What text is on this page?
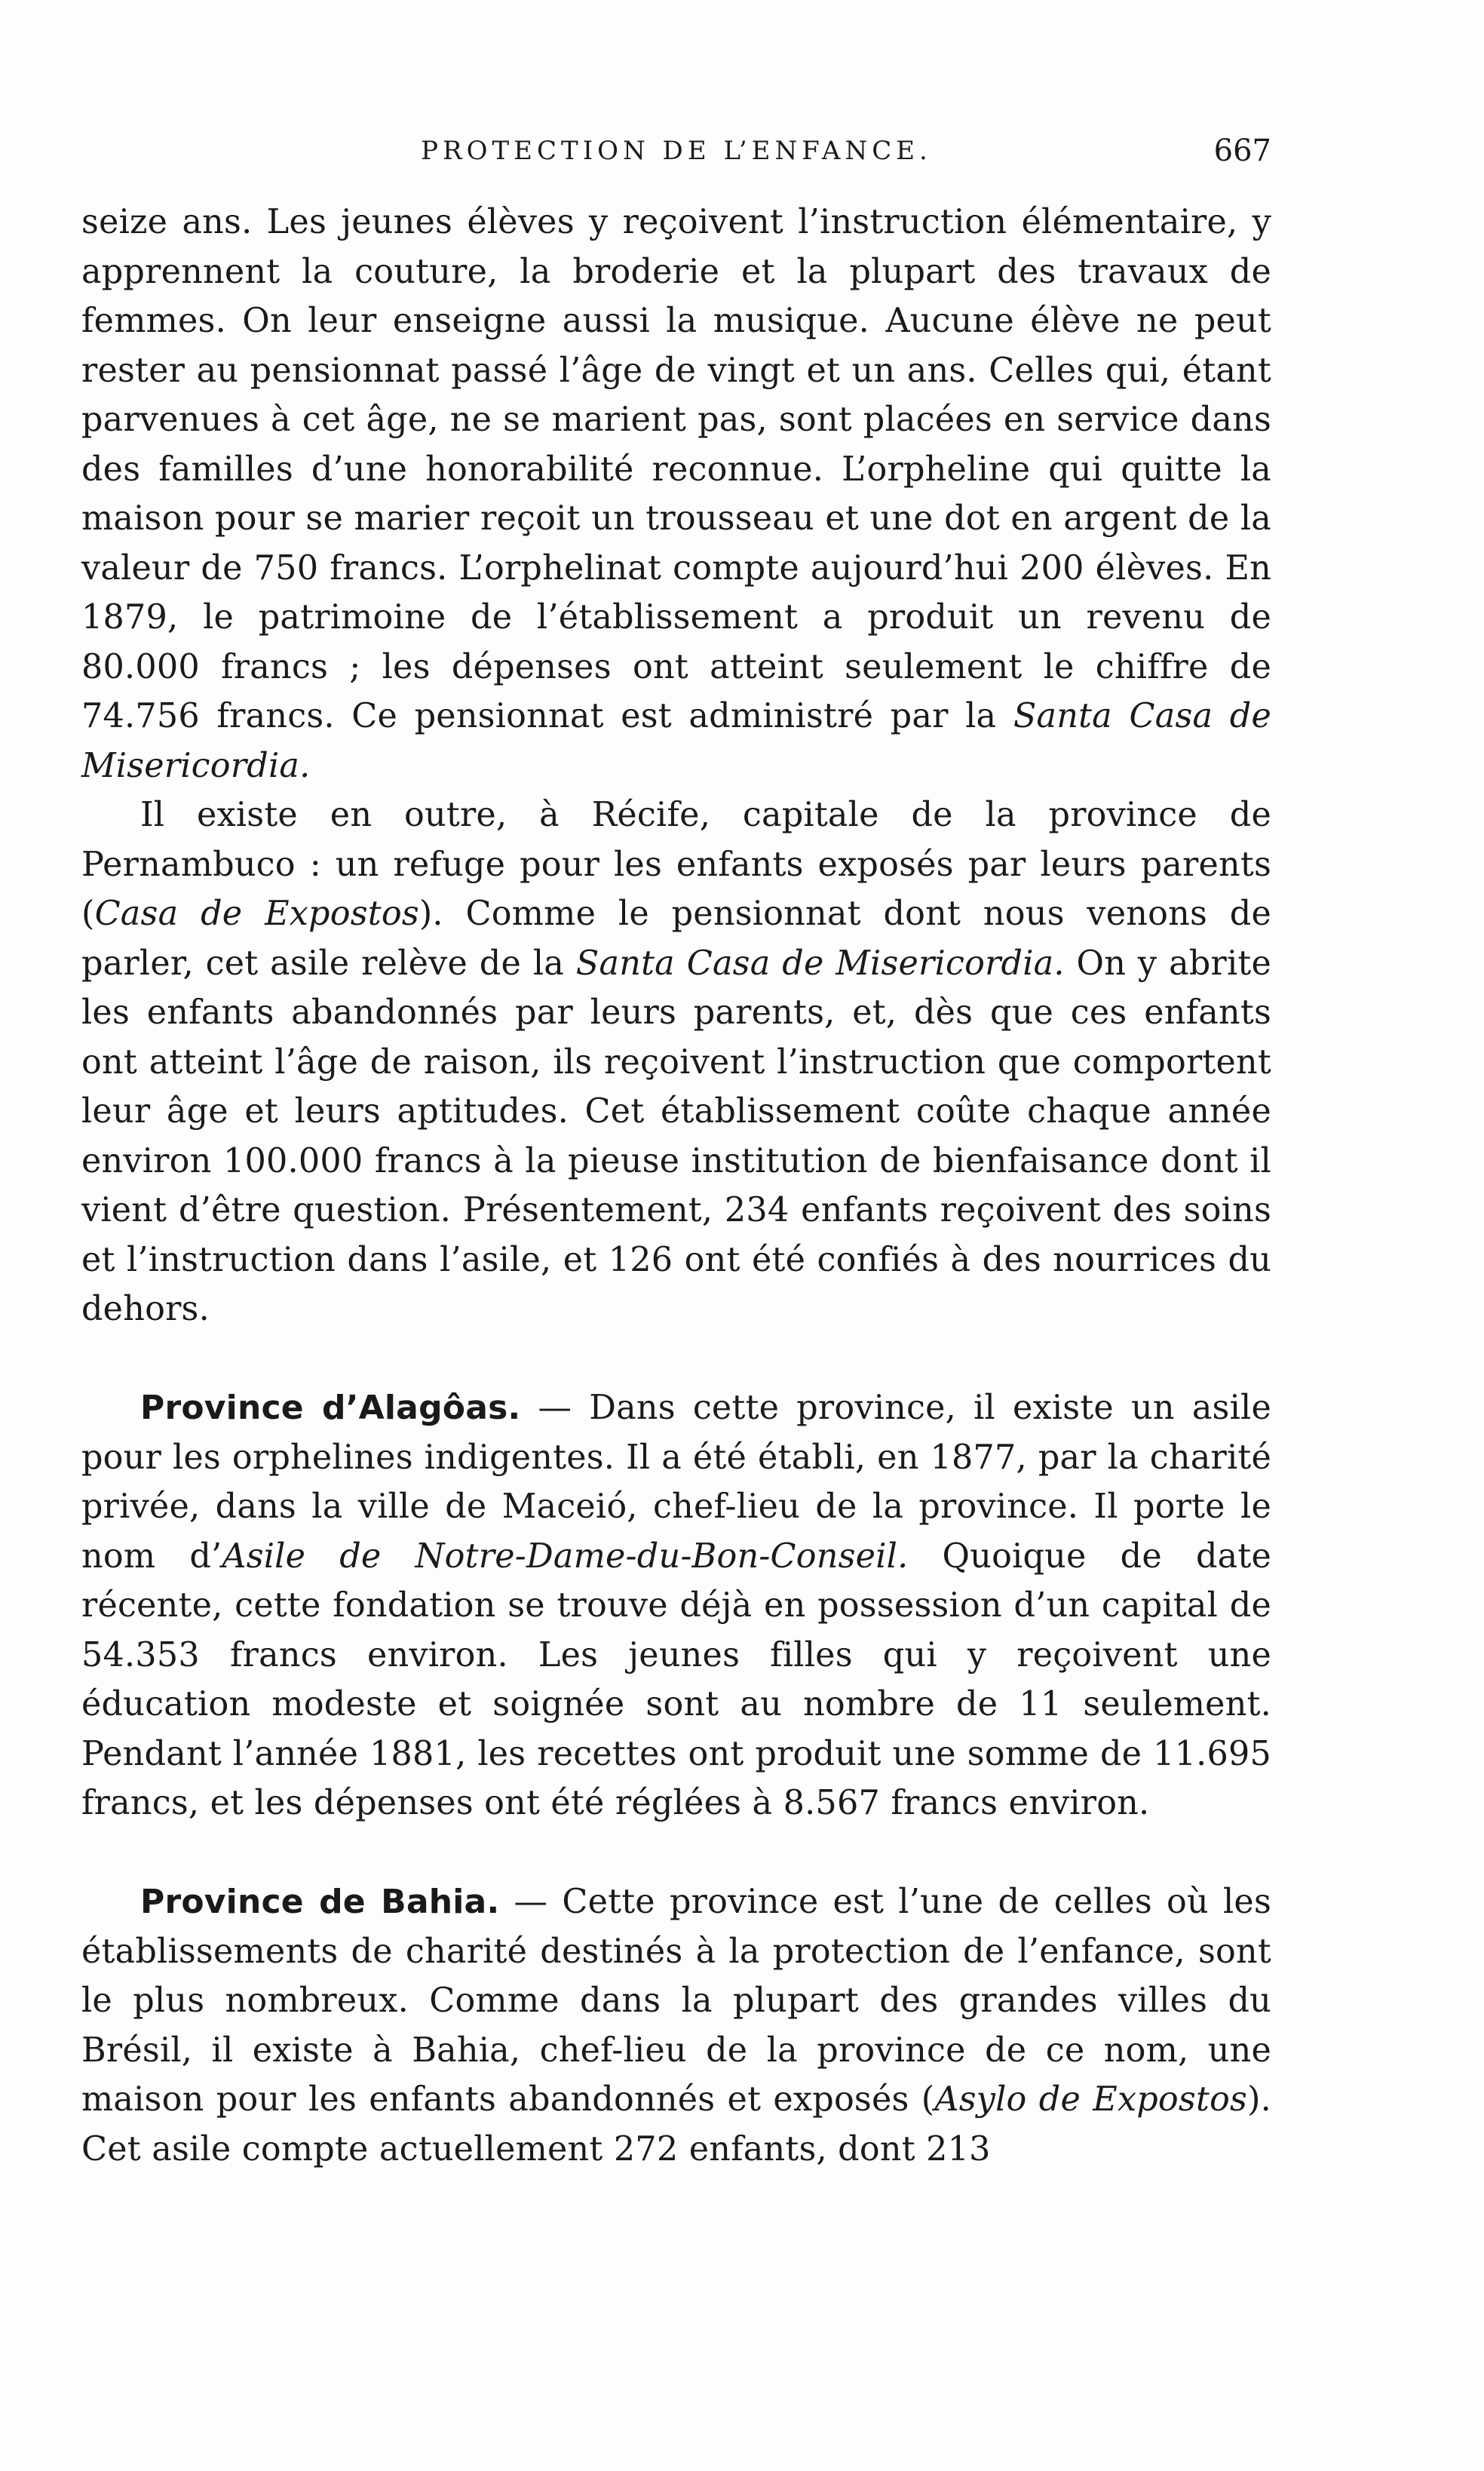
PROTECTION DE L’ENFANCE.	667

seize ans. Les jeunes élèves y reçoivent l’instruction élémentaire, y apprennent la couture, la broderie et la plupart des travaux de femmes. On leur enseigne aussi la musique. Aucune élève ne peut rester au pensionnat passé l’âge de vingt et un ans. Celles qui, étant parvenues à cet âge, ne se marient pas, sont placées en service dans des familles d’une honorabilité reconnue. L’orpheline qui quitte la maison pour se marier reçoit un trousseau et une dot en argent de la valeur de 750 francs. L’orphelinat compte aujourd’hui 200 élèves. En 1879, le patrimoine de l’établissement a produit un revenu de 80.000 francs ; les dépenses ont atteint seulement le chiffre de 74.756 francs. Ce pensionnat est administré par la Santa Casa de Misericordia.

Il existe en outre, à Récife, capitale de la province de Pernambuco : un refuge pour les enfants exposés par leurs parents (Casa de Expostos). Comme le pensionnat dont nous venons de parler, cet asile relève de la Santa Casa de Misericordia. On y abrite les enfants abandonnés par leurs parents, et, dès que ces enfants ont atteint l’âge de raison, ils reçoivent l’instruction que comportent leur âge et leurs aptitudes. Cet établissement coûte chaque année environ 100.000 francs à la pieuse institution de bienfaisance dont il vient d’être question. Présentement, 234 enfants reçoivent des soins et l’instruction dans l’asile, et 126 ont été confiés à des nourrices du dehors.

Province d’Alagôas. — Dans cette province, il existe un asile pour les orphelines indigentes. Il a été établi, en 1877, par la charité privée, dans la ville de Maceió, chef-lieu de la province. Il porte le nom d’Asile de Notre-Dame-du-Bon-Conseil. Quoique de date récente, cette fondation se trouve déjà en possession d’un capital de 54.353 francs environ. Les jeunes filles qui y reçoivent une éducation modeste et soignée sont au nombre de 11 seulement. Pendant l’année 1881, les recettes ont produit une somme de 11.695 francs, et les dépenses ont été réglées à 8.567 francs environ.

Province de Bahia. — Cette province est l’une de celles où les établissements de charité destinés à la protection de l’enfance, sont le plus nombreux. Comme dans la plupart des grandes villes du Brésil, il existe à Bahia, chef-lieu de la province de ce nom, une maison pour les enfants abandonnés et exposés (Asylo de Expostos). Cet asile compte actuellement 272 enfants, dont 213
